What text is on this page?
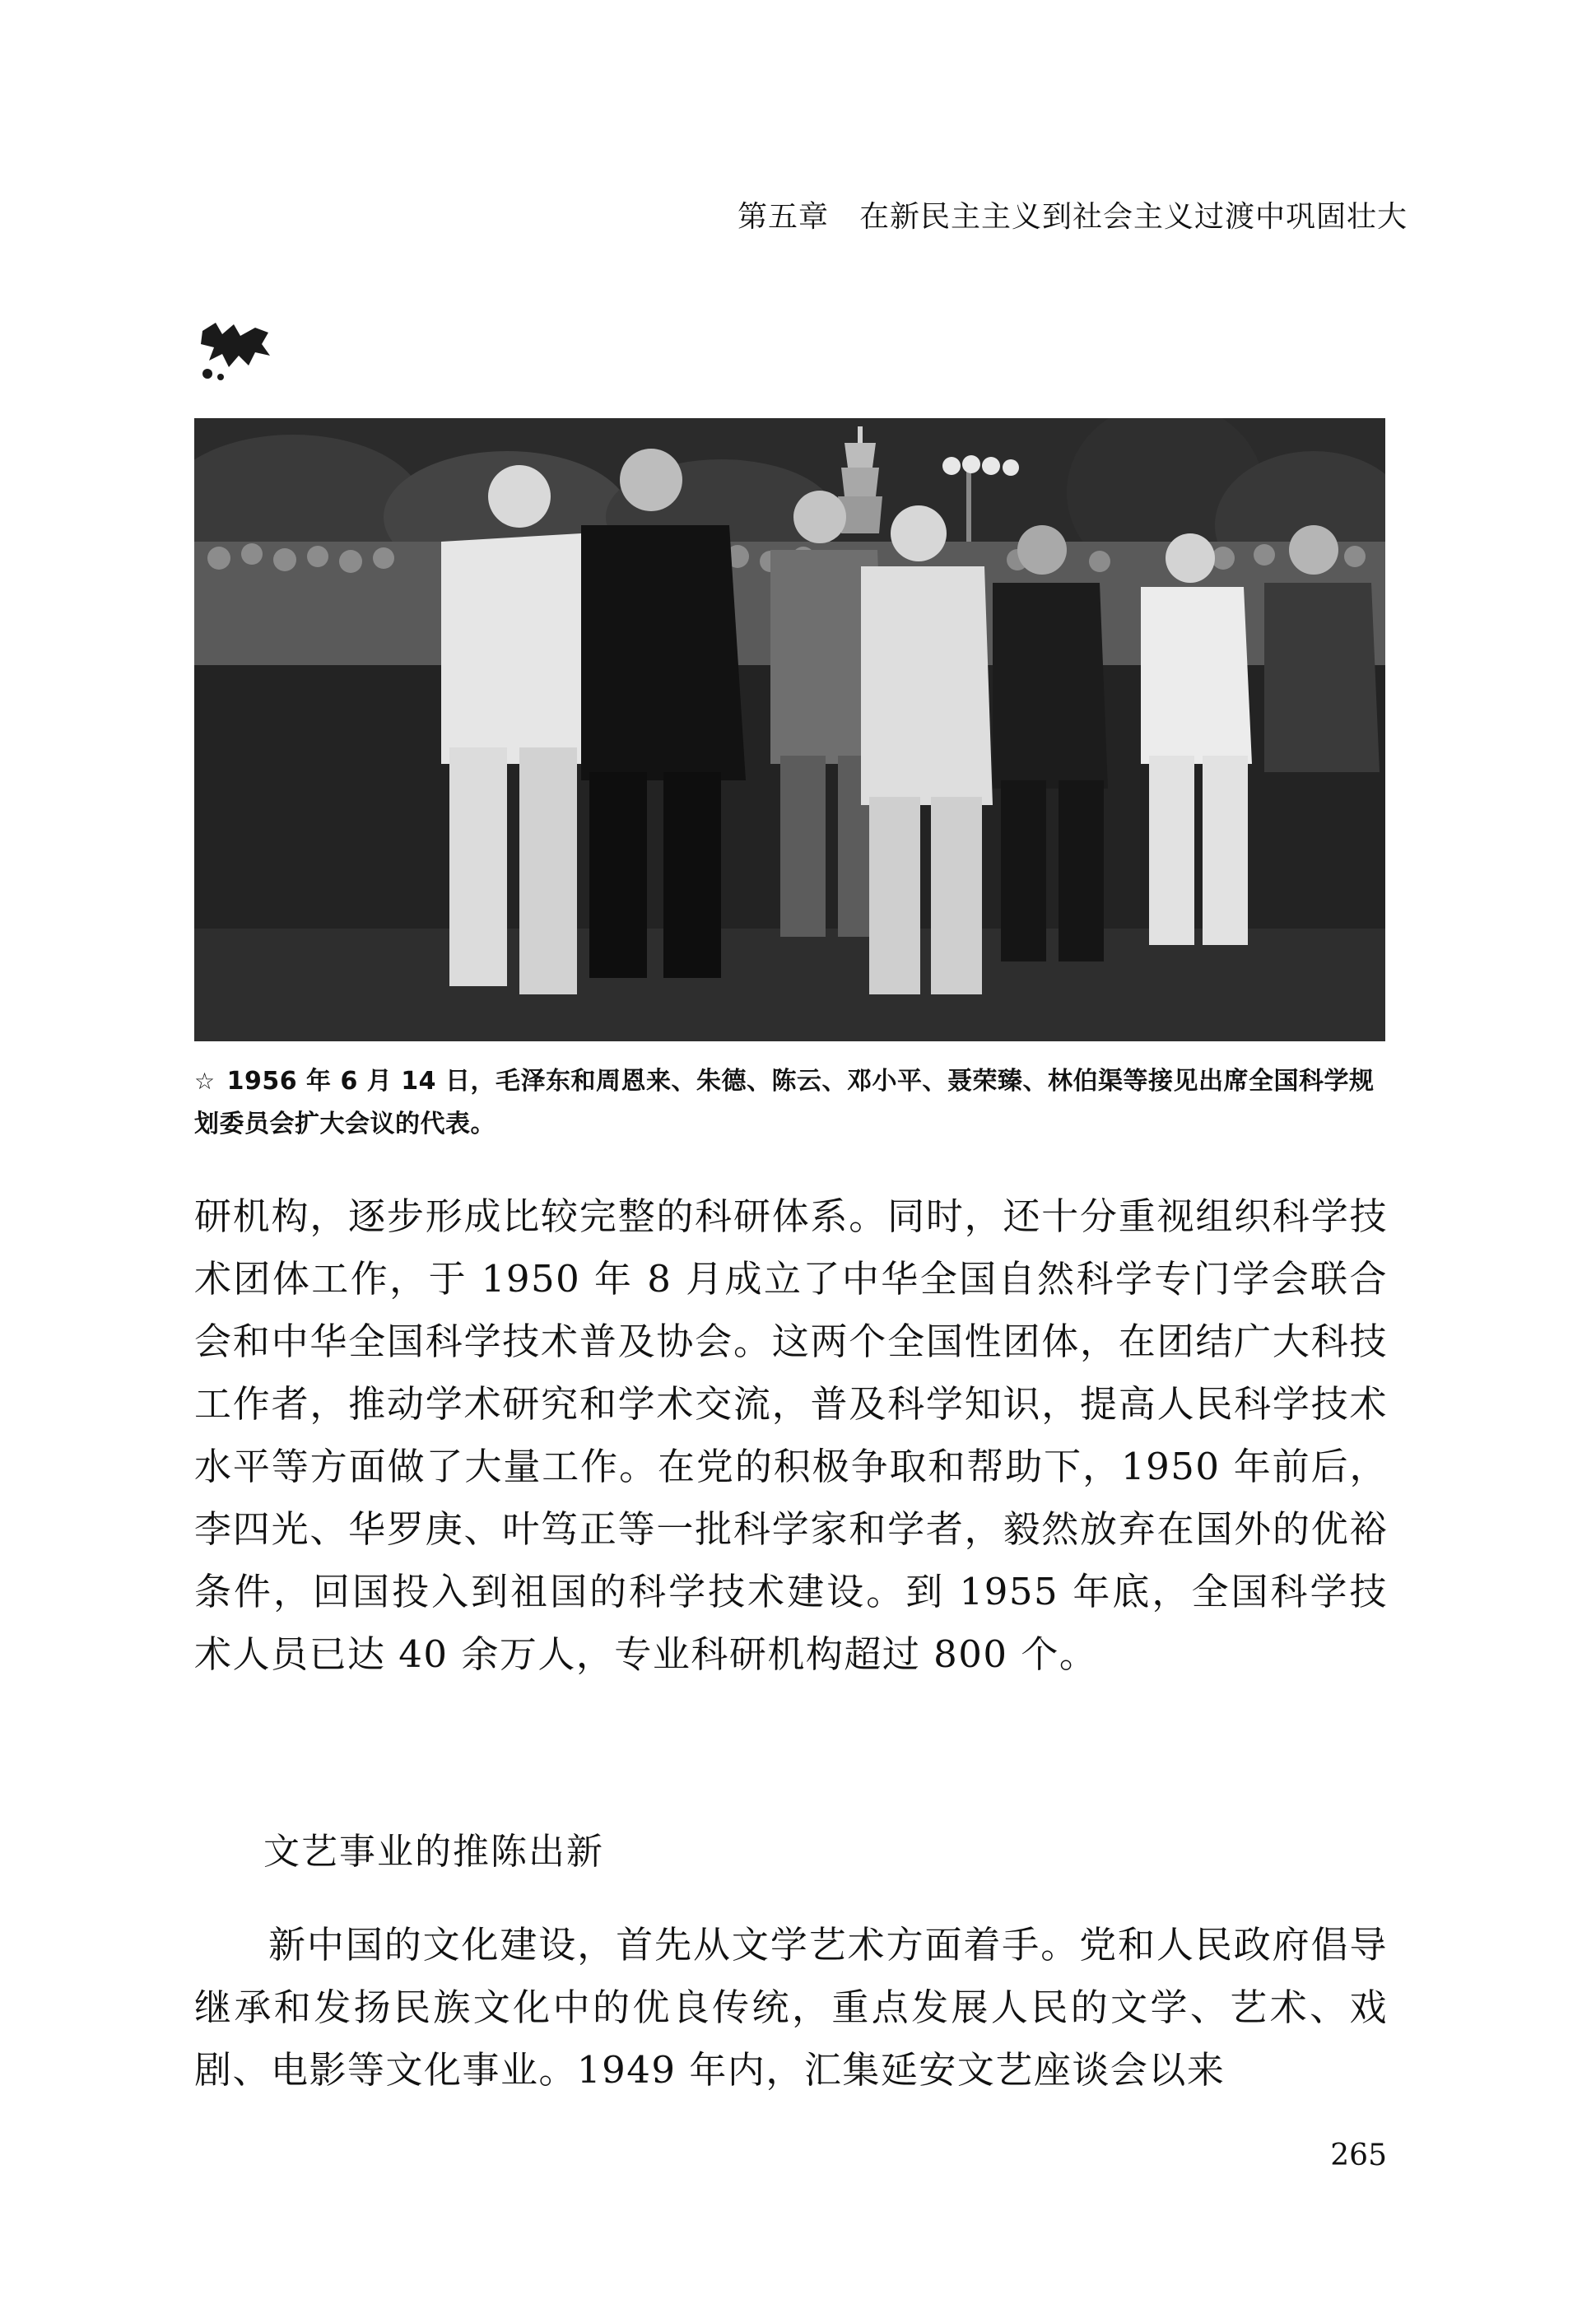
第五章　在新民主主义到社会主义过渡中巩固壮大
☆ 1956 年 6 月 14 日，毛泽东和周恩来、朱德、陈云、邓小平、聂荣臻、林伯渠等接见出席全国科学规划委员会扩大会议的代表。
研机构，逐步形成比较完整的科研体系。同时，还十分重视组织科学技术团体工作，于 1950 年 8 月成立了中华全国自然科学专门学会联合会和中华全国科学技术普及协会。这两个全国性团体，在团结广大科技工作者，推动学术研究和学术交流，普及科学知识，提高人民科学技术水平等方面做了大量工作。在党的积极争取和帮助下，1950 年前后，李四光、华罗庚、叶笃正等一批科学家和学者，毅然放弃在国外的优裕条件，回国投入到祖国的科学技术建设。到 1955 年底，全国科学技术人员已达 40 余万人，专业科研机构超过 800 个。
文艺事业的推陈出新
新中国的文化建设，首先从文学艺术方面着手。党和人民政府倡导继承和发扬民族文化中的优良传统，重点发展人民的文学、艺术、戏剧、电影等文化事业。1949 年内，汇集延安文艺座谈会以来
265
